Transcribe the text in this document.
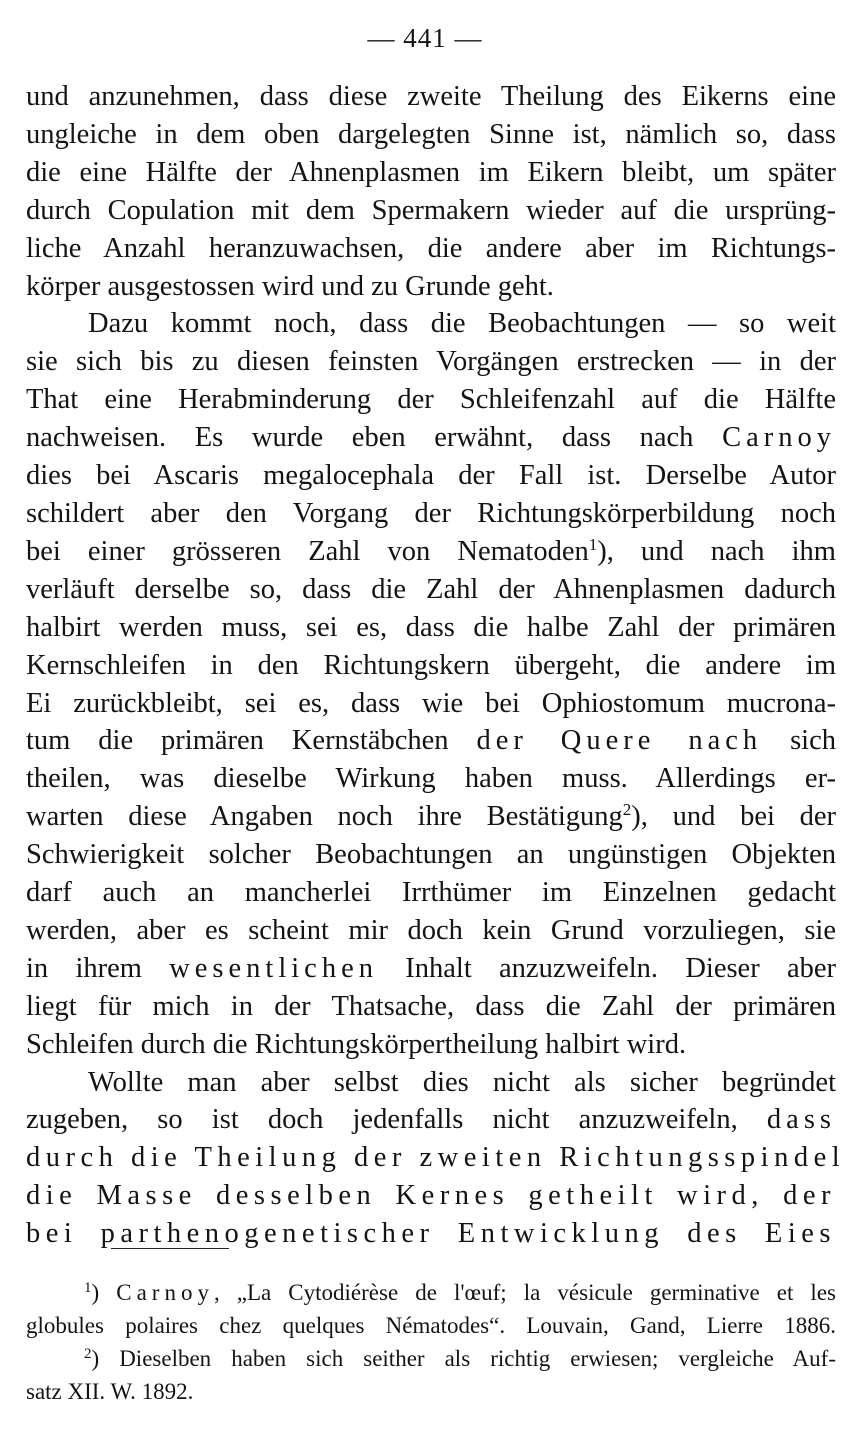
— 441 —
und anzunehmen, dass diese zweite Theilung des Eikerns eine
ungleiche in dem oben dargelegten Sinne ist, nämlich so, dass
die eine Hälfte der Ahnenplasmen im Eikern bleibt, um später
durch Copulation mit dem Spermakern wieder auf die ursprüng-
liche Anzahl heranzuwachsen, die andere aber im Richtungs-
körper ausgestossen wird und zu Grunde geht.
Dazu kommt noch, dass die Beobachtungen — so weit
sie sich bis zu diesen feinsten Vorgängen erstrecken — in der
That eine Herabminderung der Schleifenzahl auf die Hälfte
nachweisen. Es wurde eben erwähnt, dass nach Carnoy
dies bei Ascaris megalocephala der Fall ist. Derselbe Autor
schildert aber den Vorgang der Richtungskörperbildung noch
bei einer grösseren Zahl von Nematoden$^1$), und nach ihm
verläuft derselbe so, dass die Zahl der Ahnenplasmen dadurch
halbirt werden muss, sei es, dass die halbe Zahl der primären
Kernschleifen in den Richtungskern übergeht, die andere im
Ei zurückbleibt, sei es, dass wie bei Ophiostomum mucrona-
tum die primären Kernstäbchen der Quere nach sich
theilen, was dieselbe Wirkung haben muss. Allerdings er-
warten diese Angaben noch ihre Bestätigung$^2$), und bei der
Schwierigkeit solcher Beobachtungen an ungünstigen Objekten
darf auch an mancherlei Irrthümer im Einzelnen gedacht
werden, aber es scheint mir doch kein Grund vorzuliegen, sie
in ihrem wesentlichen Inhalt anzuzweifeln. Dieser aber
liegt für mich in der Thatsache, dass die Zahl der primären
Schleifen durch die Richtungskörpertheilung halbirt wird.
Wollte man aber selbst dies nicht als sicher begründet
zugeben, so ist doch jedenfalls nicht anzuzweifeln, dass
durch die Theilung der zweiten Richtungsspindel
die Masse desselben Kernes getheilt wird, der
bei parthenogenetischer Entwicklung des Eies
$^1$) Carnoy, „La Cytodiérèse de l'œuf; la vésicule germinative et les
globules polaires chez quelques Nématodes“. Louvain, Gand, Lierre 1886.
$^2$) Dieselben haben sich seither als richtig erwiesen; vergleiche Auf-
satz XII. W. 1892.
